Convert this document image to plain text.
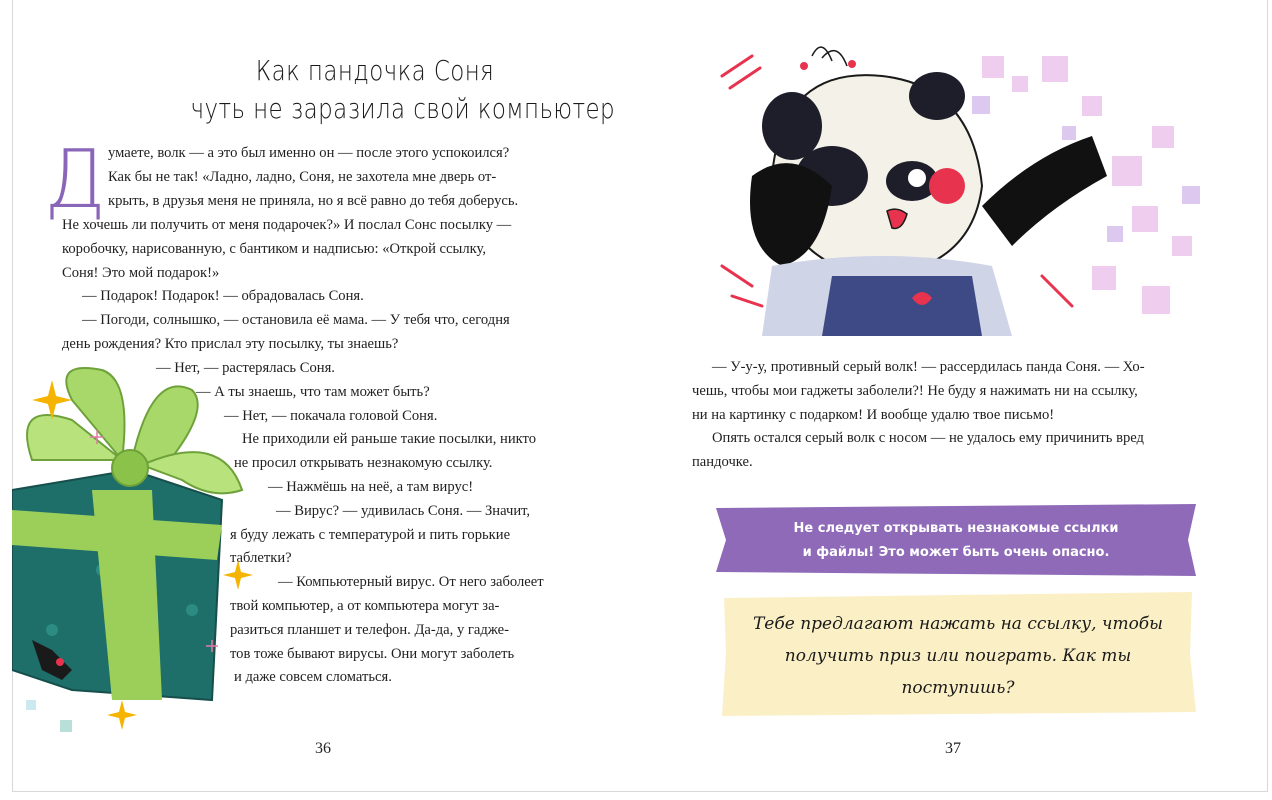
Как пандочка Соня
чуть не заразила свой компьютер
Д умаете, волк — а это был именно он — после этого успокоился?
Как бы не так! «Ладно, ладно, Соня, не захотела мне дверь от-
крыть, в друзья меня не приняла, но я всё равно до тебя доберусь.
Не хочешь ли получить от меня подарочек?» И послал Сонс посылку —
коробочку, нарисованную, с бантиком и надписью: «Открой ссылку,
Соня! Это мой подарок!»
— Подарок! Подарок! — обрадовалась Соня.
— Погоди, солнышко, — остановила её мама. — У тебя что, сегодня
день рождения? Кто прислал эту посылку, ты знаешь?
— Нет, — растерялась Соня.
— А ты знаешь, что там может быть?
— Нет, — покачала головой Соня.
Не приходили ей раньше такие посылки, никто
не просил открывать незнакомую ссылку.
— Нажмёшь на неё, а там вирус!
— Вирус? — удивилась Соня. — Значит,
я буду лежать с температурой и пить горькие
таблетки?
— Компьютерный вирус. От него заболеет
твой компьютер, а от компьютера могут за-
разиться планшет и телефон. Да-да, у гадже-
тов тоже бывают вирусы. Они могут заболеть
и даже совсем сломаться.
36
— У-у-у, противный серый волк! — рассердилась панда Соня. — Хо-
чешь, чтобы мои гаджеты заболели?! Не буду я нажимать ни на ссылку,
ни на картинку с подарком! И вообще удалю твое письмо!
Опять остался серый волк с носом — не удалось ему причинить вред
пандочке.
Не следует открывать незнакомые ссылки
и файлы! Это может быть очень опасно.
Тебе предлагают нажать на ссылку, чтобы
получить приз или поиграть. Как ты
поступишь?
37
